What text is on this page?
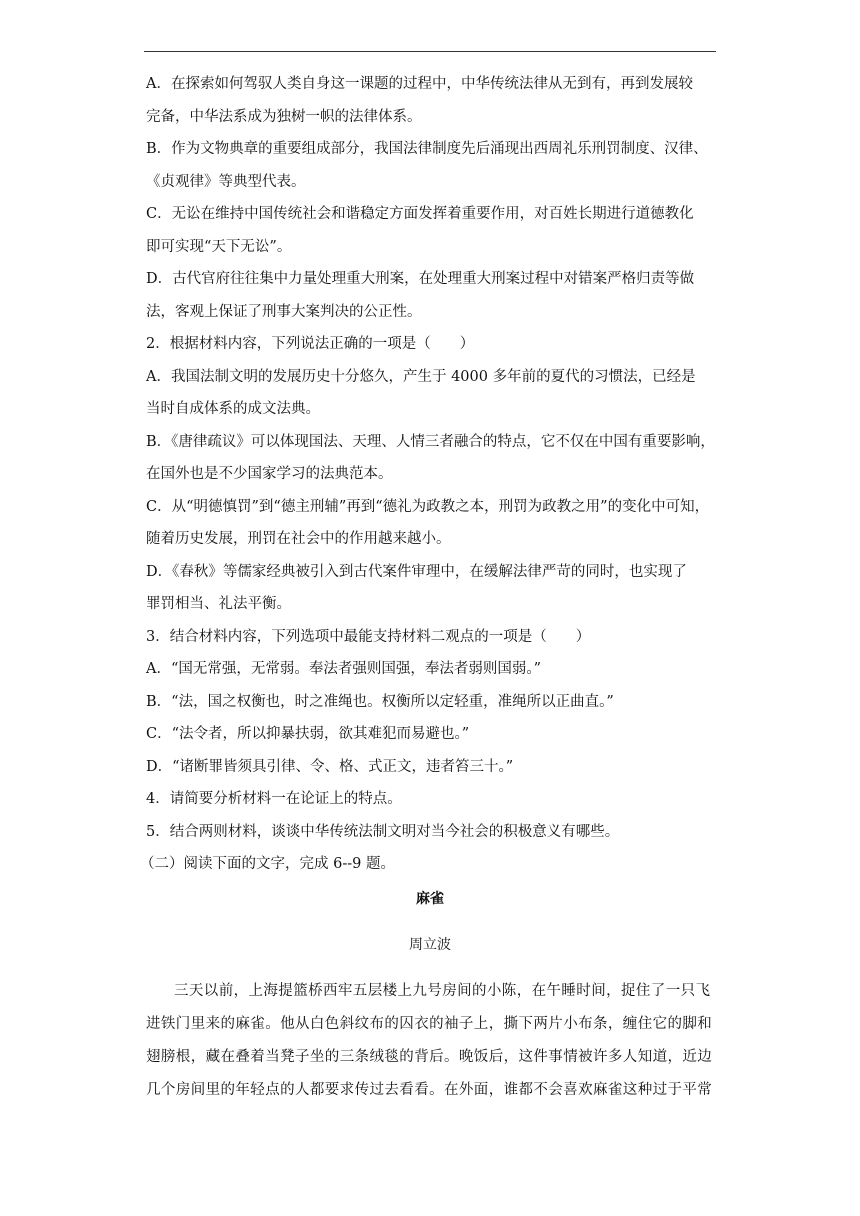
A．在探索如何驾驭人类自身这一课题的过程中，中华传统法律从无到有，再到发展较

完备，中华法系成为独树一帜的法律体系。

B．作为文物典章的重要组成部分，我国法律制度先后涌现出西周礼乐刑罚制度、汉律、

《贞观律》等典型代表。

C．无讼在维持中国传统社会和谐稳定方面发挥着重要作用，对百姓长期进行道德教化

即可实现“天下无讼”。

D．古代官府往往集中力量处理重大刑案，在处理重大刑案过程中对错案严格归责等做

法，客观上保证了刑事大案判决的公正性。

2．根据材料内容，下列说法正确的一项是（　　）

A．我国法制文明的发展历史十分悠久，产生于 4000 多年前的夏代的习惯法，已经是

当时自成体系的成文法典。

B．《唐律疏议》可以体现国法、天理、人情三者融合的特点，它不仅在中国有重要影响，

在国外也是不少国家学习的法典范本。

C．从“明德慎罚”到“德主刑辅”再到“德礼为政教之本，刑罚为政教之用”的变化中可知，

随着历史发展，刑罚在社会中的作用越来越小。

D．《春秋》等儒家经典被引入到古代案件审理中，在缓解法律严苛的同时，也实现了

罪罚相当、礼法平衡。

3．结合材料内容，下列选项中最能支持材料二观点的一项是（　　）

A．“国无常强，无常弱。奉法者强则国强，奉法者弱则国弱。”

B．“法，国之权衡也，时之准绳也。权衡所以定轻重，准绳所以正曲直。”

C．“法令者，所以抑暴扶弱，欲其难犯而易避也。”

D．“诸断罪皆须具引律、令、格、式正文，违者笞三十。”

4．请简要分析材料一在论证上的特点。

5．结合两则材料，谈谈中华传统法制文明对当今社会的积极意义有哪些。

（二）阅读下面的文字，完成 6--9 题。

麻雀

周立波

三天以前，上海提篮桥西牢五层楼上九号房间的小陈，在午睡时间，捉住了一只飞

进铁门里来的麻雀。他从白色斜纹布的囚衣的袖子上，撕下两片小布条，缠住它的脚和

翅膀根，藏在叠着当凳子坐的三条绒毯的背后。晚饭后，这件事情被许多人知道，近边

几个房间里的年轻点的人都要求传过去看看。在外面，谁都不会喜欢麻雀这种过于平常
